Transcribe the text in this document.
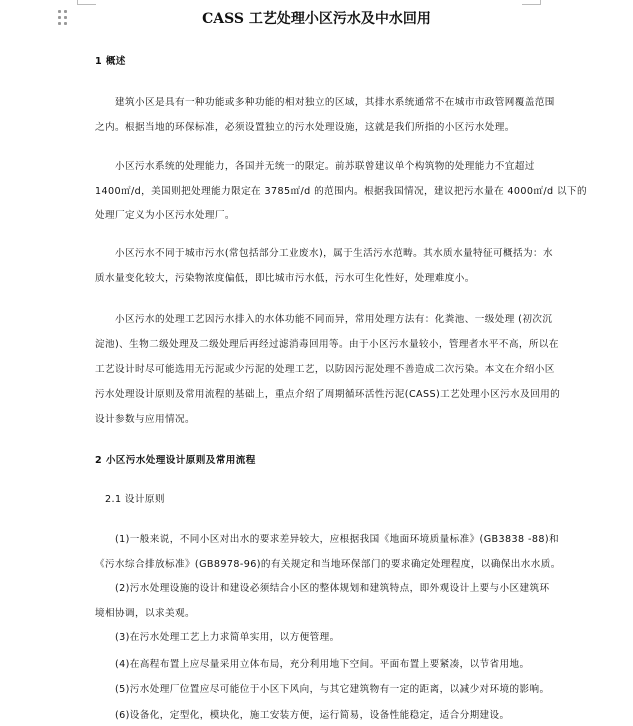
CASS 工艺处理小区污水及中水回用
1 概述
　　建筑小区是具有一种功能或多种功能的相对独立的区域，其排水系统通常不在城市市政管网覆盖范围
之内。根据当地的环保标准，必须设置独立的污水处理设施，这就是我们所指的小区污水处理。
　　小区污水系统的处理能力，各国并无统一的限定。前苏联曾建议单个构筑物的处理能力不宜超过
1400㎡/d，美国则把处理能力限定在 3785㎡/d 的范围内。根据我国情况，建议把污水量在 4000㎡/d 以下的
处理厂定义为小区污水处理厂。
　　小区污水不同于城市污水(常包括部分工业废水)，属于生活污水范畴。其水质水量特征可概括为：水
质水量变化较大，污染物浓度偏低，即比城市污水低，污水可生化性好，处理难度小。
　　小区污水的处理工艺因污水排入的水体功能不同而异，常用处理方法有：化粪池、一级处理 (初次沉
淀池)、生物二级处理及二级处理后再经过滤消毒回用等。由于小区污水量较小，管理者水平不高，所以在
工艺设计时尽可能选用无污泥或少污泥的处理工艺，以防因污泥处理不善造成二次污染。本文在介绍小区
污水处理设计原则及常用流程的基础上，重点介绍了周期循环活性污泥(CASS)工艺处理小区污水及回用的
设计参数与应用情况。
2 小区污水处理设计原则及常用流程
　2.1 设计原则
　　(1)一般来说，不同小区对出水的要求差异较大，应根据我国《地面环境质量标准》(GB3838 -88)和
《污水综合排放标准》(GB8978-96)的有关规定和当地环保部门的要求确定处理程度，以确保出水水质。
　　(2)污水处理设施的设计和建设必须结合小区的整体规划和建筑特点，即外观设计上要与小区建筑环
境相协调，以求美观。
　　(3)在污水处理工艺上力求简单实用，以方便管理。
　　(4)在高程布置上应尽量采用立体布局，充分利用地下空间。平面布置上要紧凑，以节省用地。
　　(5)污水处理厂位置应尽可能位于小区下风向，与其它建筑物有一定的距离，以减少对环境的影响。
　　(6)设备化，定型化，模块化，施工安装方便，运行简易，设备性能稳定，适合分期建设。
